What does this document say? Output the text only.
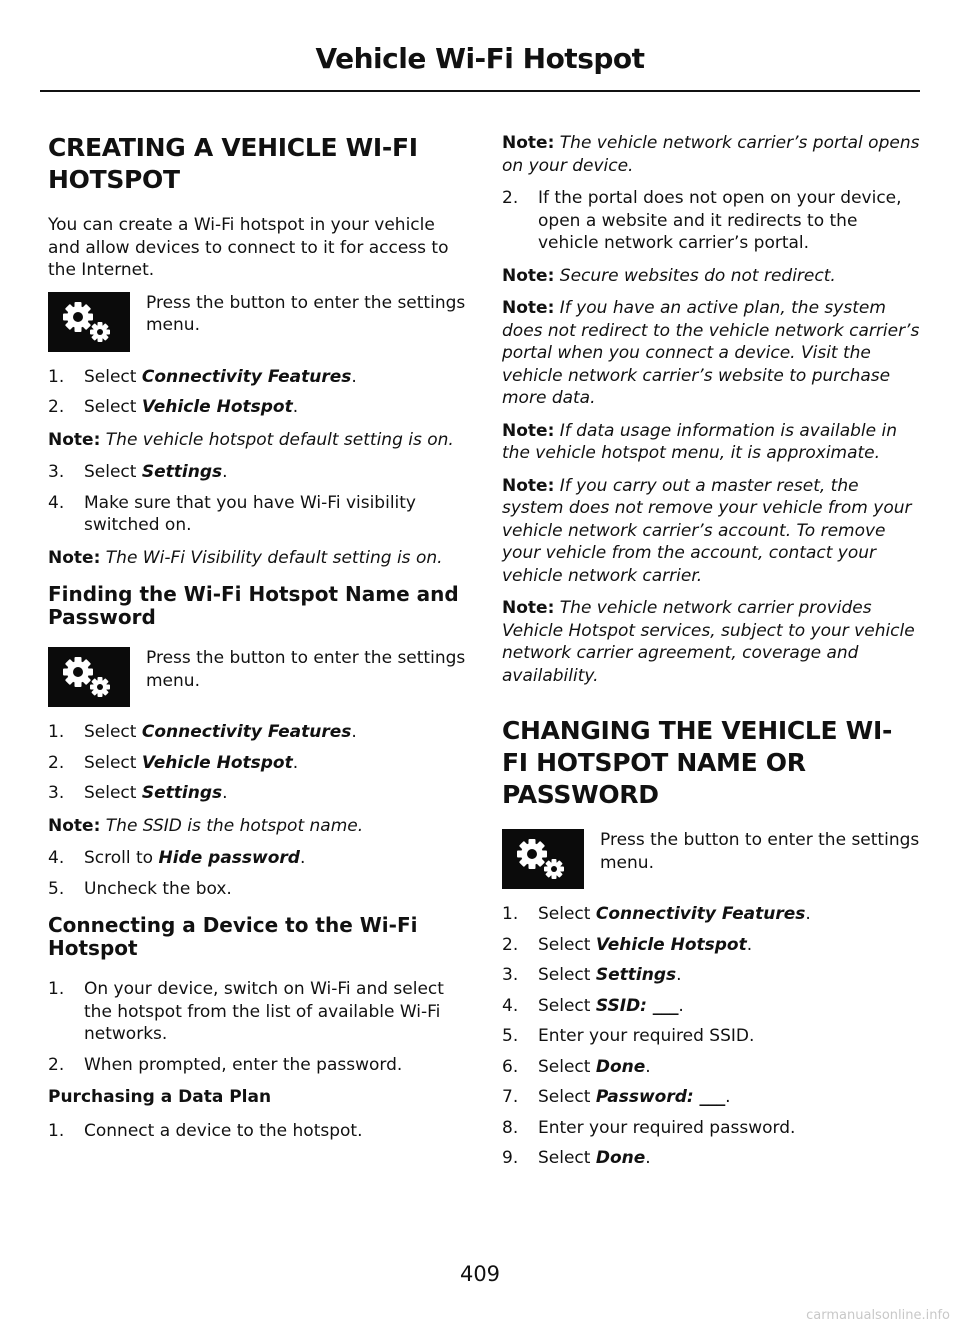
Vehicle Wi-Fi Hotspot
CREATING A VEHICLE WI-FI
HOTSPOT
You can create a Wi-Fi hotspot in your vehicle and allow devices to connect to it for access to the Internet.
Press the button to enter the settings menu.
1.	Select Connectivity Features.
2.	Select Vehicle Hotspot.
Note: The vehicle hotspot default setting is on.
3.	Select Settings.
4.	Make sure that you have Wi-Fi visibility switched on.
Note: The Wi-Fi Visibility default setting is on.
Finding the Wi-Fi Hotspot Name and Password
Press the button to enter the settings menu.
1.	Select Connectivity Features.
2.	Select Vehicle Hotspot.
3.	Select Settings.
Note: The SSID is the hotspot name.
4.	Scroll to Hide password.
5.	Uncheck the box.
Connecting a Device to the Wi-Fi Hotspot
1.	On your device, switch on Wi-Fi and select the hotspot from the list of available Wi-Fi networks.
2.	When prompted, enter the password.
Purchasing a Data Plan
1.	Connect a device to the hotspot.
Note: The vehicle network carrier’s portal opens on your device.
2.	If the portal does not open on your device, open a website and it redirects to the vehicle network carrier’s portal.
Note: Secure websites do not redirect.
Note: If you have an active plan, the system does not redirect to the vehicle network carrier’s portal when you connect a device. Visit the vehicle network carrier’s website to purchase more data.
Note: If data usage information is available in the vehicle hotspot menu, it is approximate.
Note: If you carry out a master reset, the system does not remove your vehicle from your vehicle network carrier’s account. To remove your vehicle from the account, contact your vehicle network carrier.
Note: The vehicle network carrier provides Vehicle Hotspot services, subject to your vehicle network carrier agreement, coverage and availability.
CHANGING THE VEHICLE WI-
FI HOTSPOT NAME OR
PASSWORD
Press the button to enter the settings menu.
1.	Select Connectivity Features.
2.	Select Vehicle Hotspot.
3.	Select Settings.
4.	Select SSID: ___.
5.	Enter your required SSID.
6.	Select Done.
7.	Select Password: ___.
8.	Enter your required password.
9.	Select Done.
409
carmanualsonline.info
